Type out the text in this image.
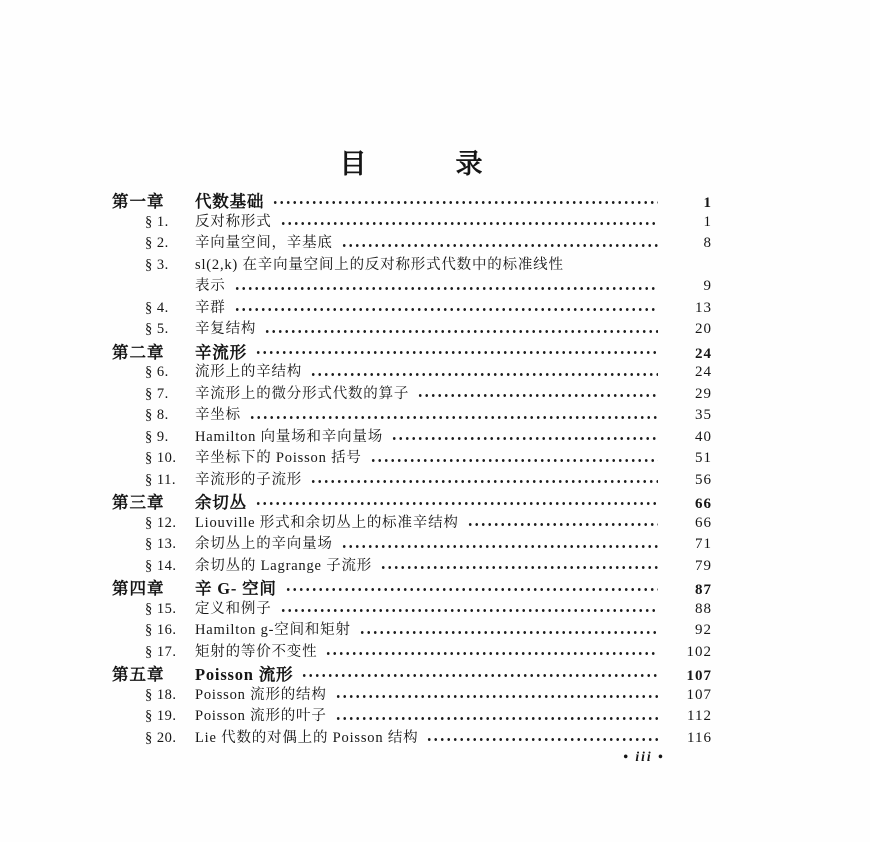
目　　　录
第一章	代数基础	1
§ 1.	反对称形式	1
§ 2.	辛向量空间，辛基底	8
§ 3.	sl(2,k) 在辛向量空间上的反对称形式代数中的标准线性
表示	9
§ 4.	辛群	13
§ 5.	辛复结构	20
第二章	辛流形	24
§ 6.	流形上的辛结构	24
§ 7.	辛流形上的微分形式代数的算子	29
§ 8.	辛坐标	35
§ 9.	Hamilton 向量场和辛向量场	40
§ 10.	辛坐标下的 Poisson 括号	51
§ 11.	辛流形的子流形	56
第三章	余切丛	66
§ 12.	Liouville 形式和余切丛上的标准辛结构	66
§ 13.	余切丛上的辛向量场	71
§ 14.	余切丛的 Lagrange 子流形	79
第四章	辛 G- 空间	87
§ 15.	定义和例子	88
§ 16.	Hamilton g-空间和矩射	92
§ 17.	矩射的等价不变性	102
第五章	Poisson 流形	107
§ 18.	Poisson 流形的结构	107
§ 19.	Poisson 流形的叶子	112
§ 20.	Lie 代数的对偶上的 Poisson 结构	116
• iii •
